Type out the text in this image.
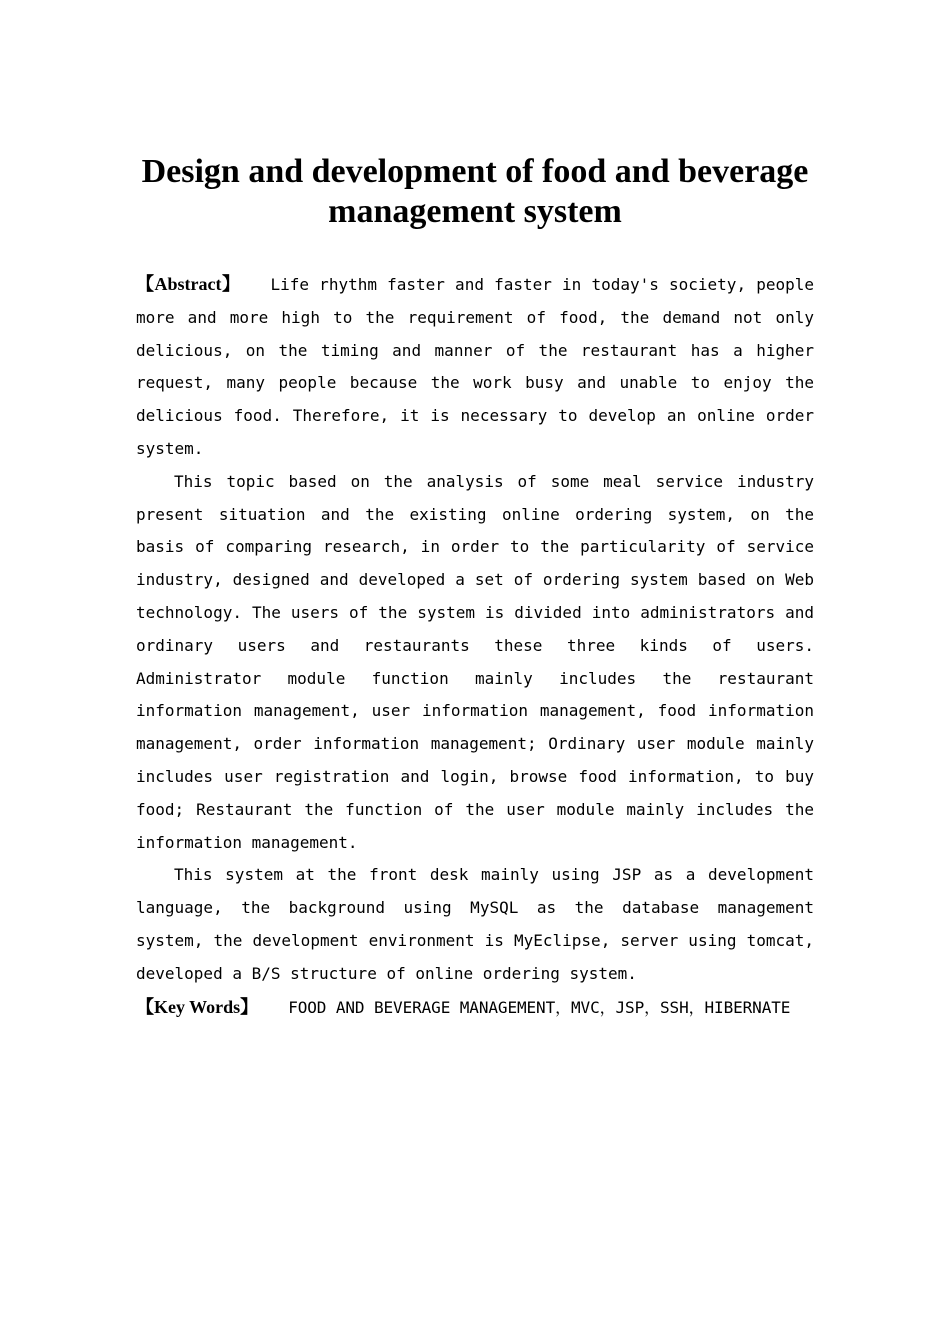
Design and development of food and beverage management system

【Abstract】 Life rhythm faster and faster in today's society, people more and more high to the requirement of food, the demand not only delicious, on the timing and manner of the restaurant has a higher request, many people because the work busy and unable to enjoy the delicious food. Therefore, it is necessary to develop an online order system.

This topic based on the analysis of some meal service industry present situation and the existing online ordering system, on the basis of comparing research, in order to the particularity of service industry, designed and developed a set of ordering system based on Web technology. The users of the system is divided into administrators and ordinary users and restaurants these three kinds of users. Administrator module function mainly includes the restaurant information management, user information management, food information management, order information management; Ordinary user module mainly includes user registration and login, browse food information, to buy food; Restaurant the function of the user module mainly includes the information management.

This system at the front desk mainly using JSP as a development language, the background using MySQL as the database management system, the development environment is MyEclipse, server using tomcat, developed a B/S structure of online ordering system.

【Key Words】 FOOD AND BEVERAGE MANAGEMENT，MVC，JSP，SSH，HIBERNATE
